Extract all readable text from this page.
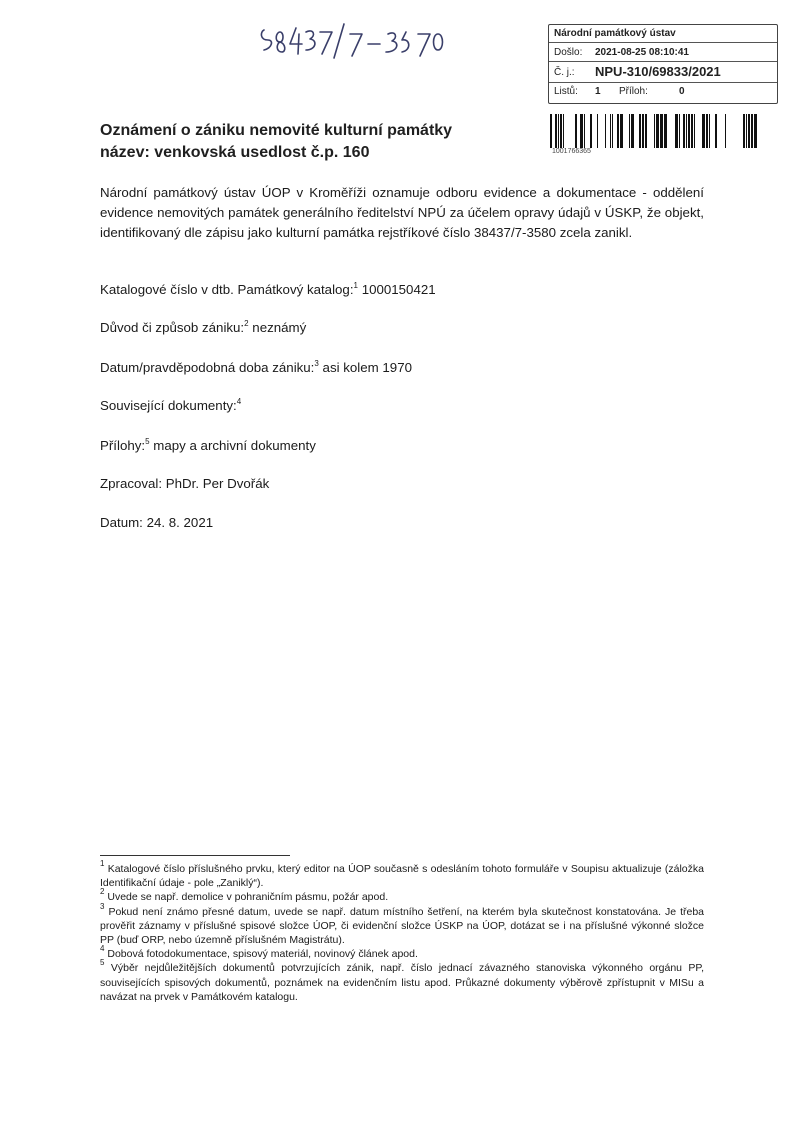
Národní památkový ústav
Došlo: 2021-08-25 08:10:41
Č. j.: NPU-310/69833/2021
Listů: 1 Příloh:	0
1001766365
Oznámení o zániku nemovité kulturní památky
název: venkovská usedlost č.p. 160
Národní památkový ústav ÚOP v Kroměříži oznamuje odboru evidence a dokumentace - oddělení evidence nemovitých památek generálního ředitelství NPÚ za účelem opravy údajů v ÚSKP, že objekt, identifikovaný dle zápisu jako kulturní památka rejstříkové číslo 38437/7-3580 zcela zanikl.
Katalogové číslo v dtb. Památkový katalog:$^1$ 1000150421
Důvod či způsob zániku:$^2$ neznámý
Datum/pravděpodobná doba zániku:$^3$ asi kolem 1970
Související dokumenty:$^4$
Přílohy:$^5$ mapy a archivní dokumenty
Zpracoval: PhDr. Per Dvořák
Datum: 24. 8. 2021
$^1$ Katalogové číslo příslušného prvku, který editor na ÚOP současně s odesláním tohoto formuláře v Soupisu aktualizuje (záložka Identifikační údaje - pole „Zaniklý“).
$^2$ Uvede se např. demolice v pohraničním pásmu, požár apod.
$^3$ Pokud není známo přesné datum, uvede se např. datum místního šetření, na kterém byla skutečnost konstatována. Je třeba prověřit záznamy v příslušné spisové složce ÚOP, či evidenční složce ÚSKP na ÚOP, dotázat se i na příslušné výkonné složce PP (buď ORP, nebo územně příslušném Magistrátu).
$^4$ Dobová fotodokumentace, spisový materiál, novinový článek apod.
$^5$ Výběr nejdůležitějších dokumentů potvrzujících zánik, např. číslo jednací závazného stanoviska výkonného orgánu PP, souvisejících spisových dokumentů, poznámek na evidenčním listu apod. Průkazné dokumenty výběrově zpřístupnit v MISu a navázat na prvek v Památkovém katalogu.
